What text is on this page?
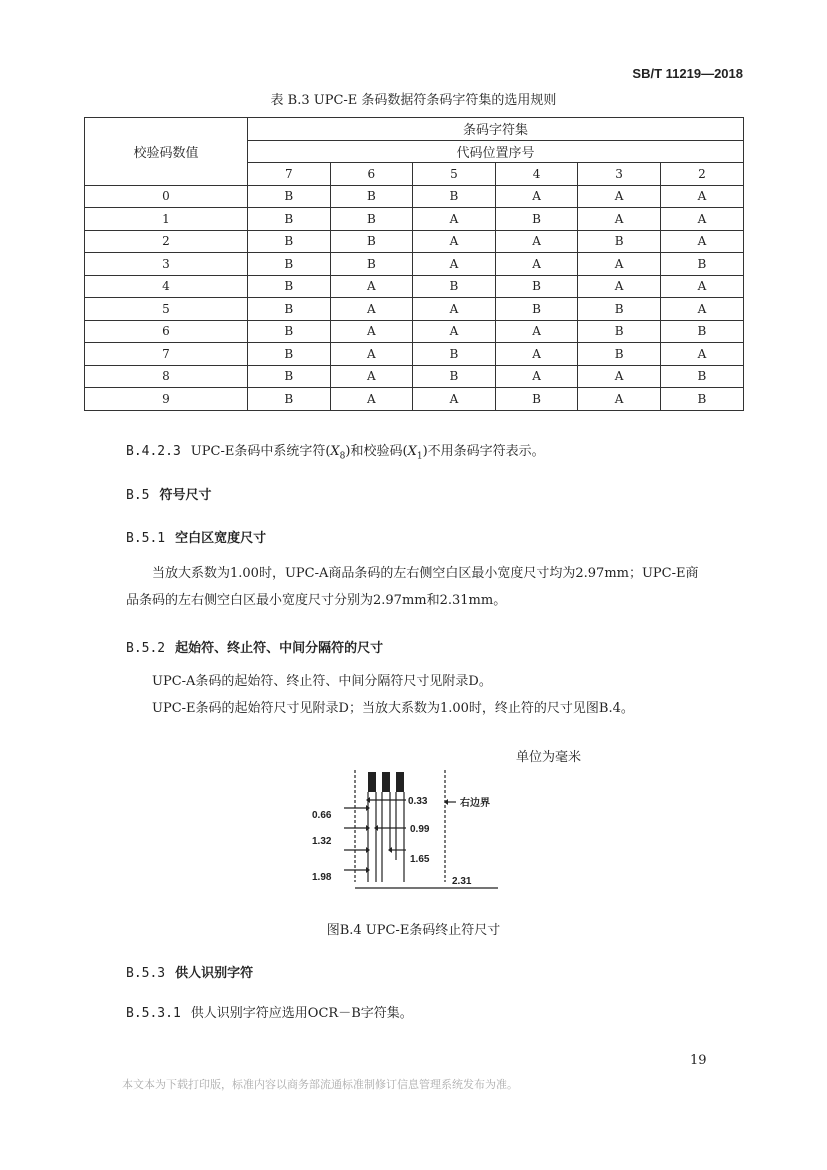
SB/T 11219—2018
表 B.3 UPC-E 条码数据符条码字符集的选用规则
校验码数值	条码字符集					
	代码位置序号					
	7	6	5	4	3	2
0	B	B	B	A	A	A
1	B	B	A	B	A	A
2	B	B	A	A	B	A
3	B	B	A	A	A	B
4	B	A	B	B	A	A
5	B	A	A	B	B	A
6	B	A	A	A	B	B
7	B	A	B	A	B	A
8	B	A	B	A	A	B
9	B	A	A	B	A	B
B.4.2.3 UPC-E条码中系统字符$(X_8)$和校验码$(X_1)$不用条码字符表示。
B.5 符号尺寸
B.5.1 空白区宽度尺寸
当放大系数为1.00时，UPC-A商品条码的左右侧空白区最小宽度尺寸均为2.97mm；UPC-E商品条码的左右侧空白区最小宽度尺寸分别为2.97mm和2.31mm。
B.5.2 起始符、终止符、中间分隔符的尺寸
UPC-A条码的起始符、终止符、中间分隔符尺寸见附录D。
UPC-E条码的起始符尺寸见附录D；当放大系数为1.00时，终止符的尺寸见图B.4。
单位为毫米
0.33
0.66
0.99
1.32
1.65
1.98	2.31
右边界
图B.4 UPC-E条码终止符尺寸
B.5.3 供人识别字符
B.5.3.1 供人识别字符应选用OCR－B字符集。
19
本文本为下载打印版，标准内容以商务部流通标准制修订信息管理系统发布为准。
